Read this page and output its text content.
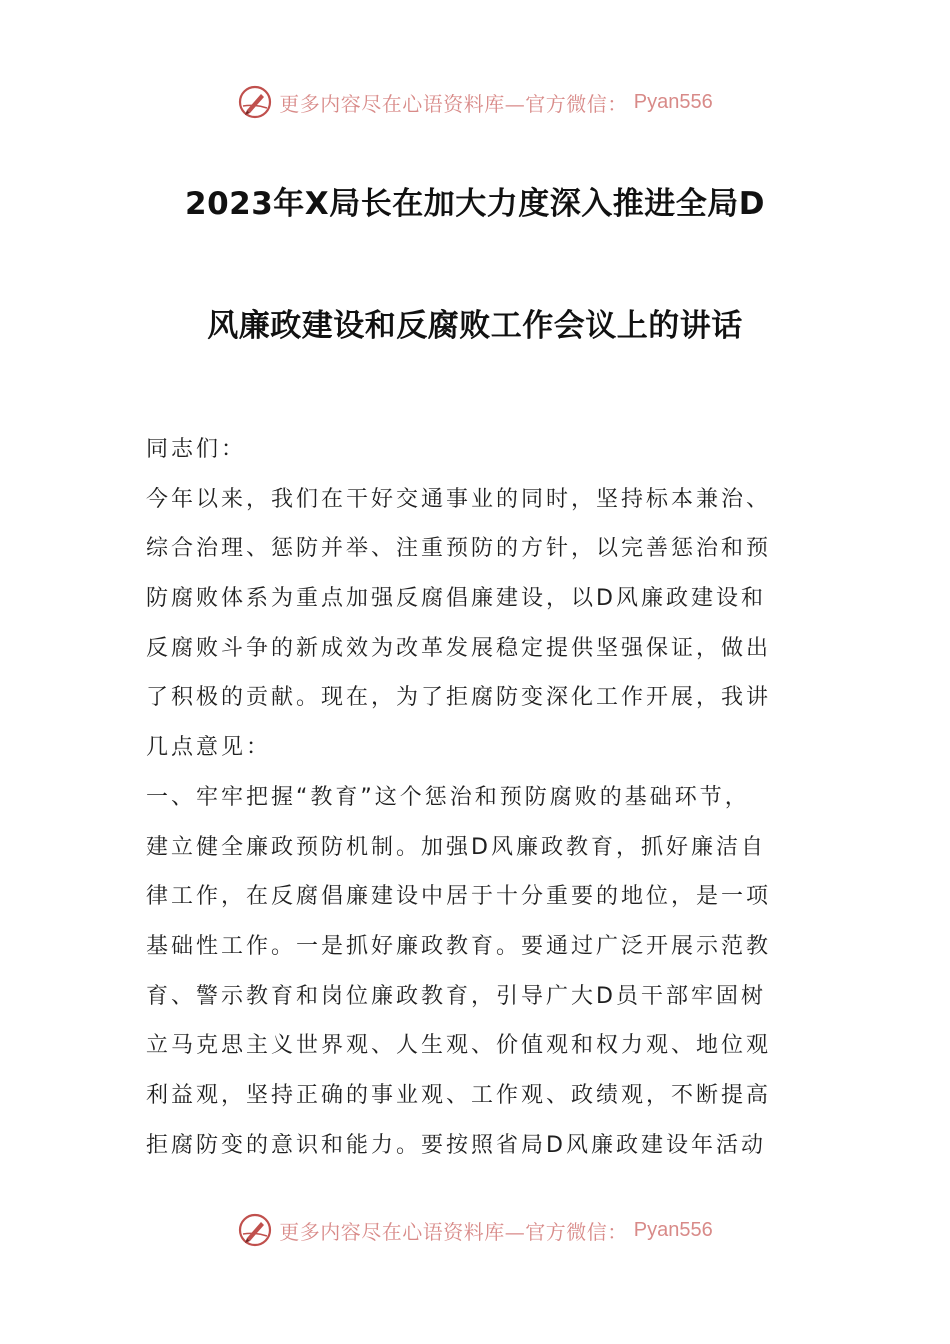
更多内容尽在心语资料库—官方微信： Pyan556
2023年X局长在加大力度深入推进全局D
风廉政建设和反腐败工作会议上的讲话
同志们：
今年以来，我们在干好交通事业的同时，坚持标本兼治、
综合治理、惩防并举、注重预防的方针，以完善惩治和预
防腐败体系为重点加强反腐倡廉建设，以D风廉政建设和
反腐败斗争的新成效为改革发展稳定提供坚强保证，做出
了积极的贡献。现在，为了拒腐防变深化工作开展，我讲
几点意见：
一、牢牢把握“教育”这个惩治和预防腐败的基础环节，
建立健全廉政预防机制。加强D风廉政教育，抓好廉洁自
律工作，在反腐倡廉建设中居于十分重要的地位，是一项
基础性工作。一是抓好廉政教育。要通过广泛开展示范教
育、警示教育和岗位廉政教育，引导广大D员干部牢固树
立马克思主义世界观、人生观、价值观和权力观、地位观
利益观，坚持正确的事业观、工作观、政绩观，不断提高
拒腐防变的意识和能力。要按照省局D风廉政建设年活动
更多内容尽在心语资料库—官方微信： Pyan556
